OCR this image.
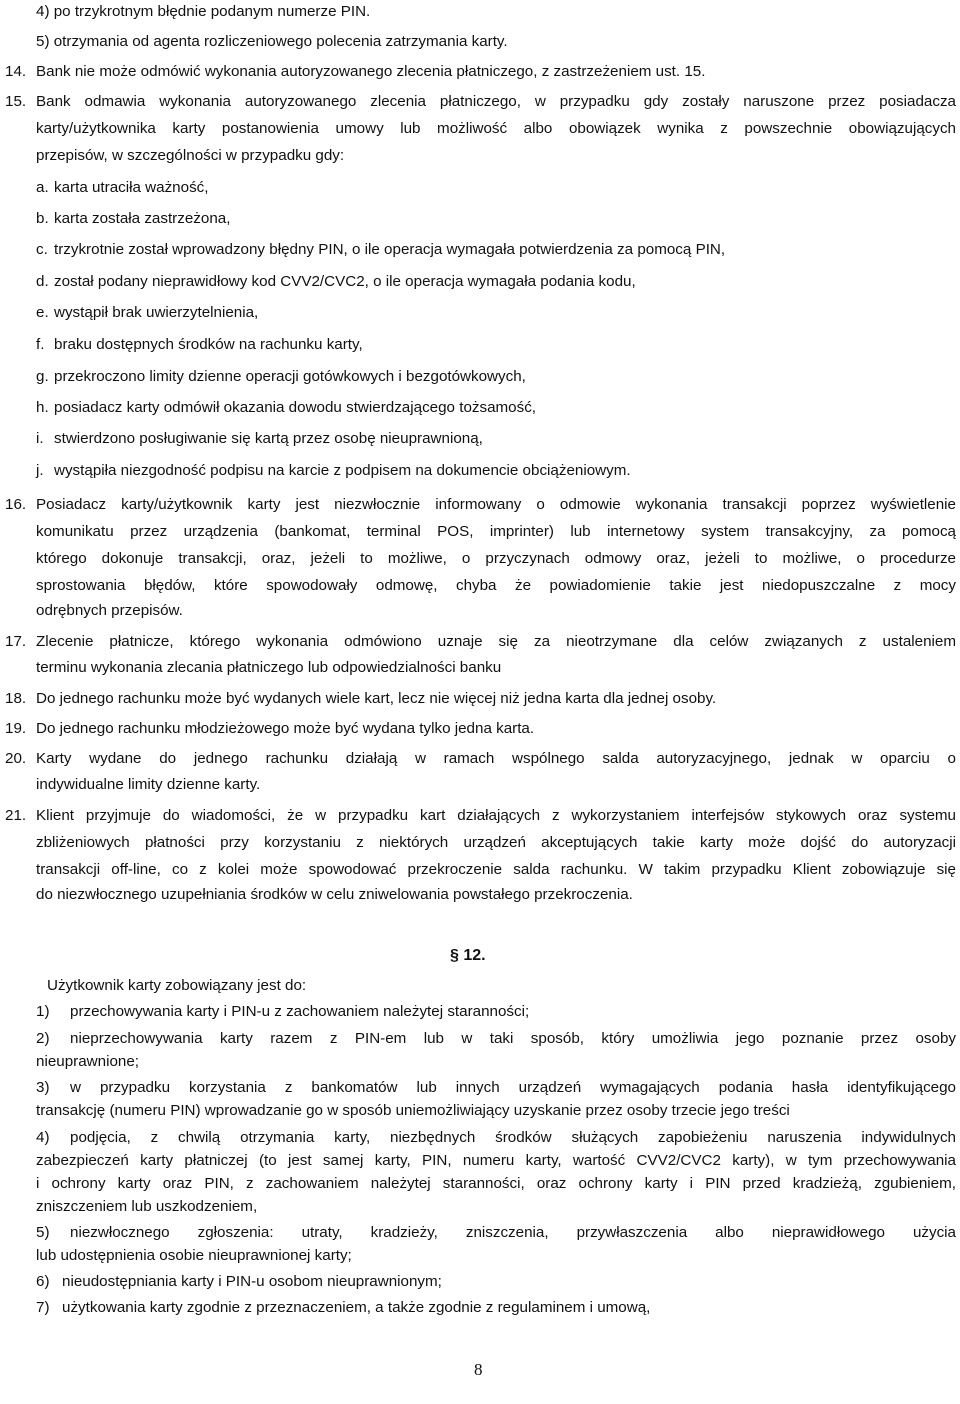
4) po trzykrotnym błędnie podanym numerze PIN.
5) otrzymania od agenta rozliczeniowego polecenia zatrzymania karty.
14. Bank nie może odmówić wykonania autoryzowanego zlecenia płatniczego, z zastrzeżeniem ust. 15.
15. Bank odmawia wykonania autoryzowanego zlecenia płatniczego, w przypadku gdy zostały naruszone przez posiadacza
karty/użytkownika karty postanowienia umowy lub możliwość albo obowiązek wynika z powszechnie obowiązujących
przepisów, w szczególności w przypadku gdy:
a. karta utraciła ważność,
b. karta została zastrzeżona,
c. trzykrotnie został wprowadzony błędny PIN, o ile operacja wymagała potwierdzenia za pomocą PIN,
d. został podany nieprawidłowy kod CVV2/CVC2, o ile operacja wymagała podania kodu,
e. wystąpił brak uwierzytelnienia,
f. braku dostępnych środków na rachunku karty,
g. przekroczono limity dzienne operacji gotówkowych i bezgotówkowych,
h. posiadacz karty odmówił okazania dowodu stwierdzającego tożsamość,
i. stwierdzono posługiwanie się kartą przez osobę nieuprawnioną,
j. wystąpiła niezgodność podpisu na karcie z podpisem na dokumencie obciążeniowym.
16. Posiadacz karty/użytkownik karty jest niezwłocznie informowany o odmowie wykonania transakcji poprzez wyświetlenie
komunikatu przez urządzenia (bankomat, terminal POS, imprinter) lub internetowy system transakcyjny, za pomocą
którego dokonuje transakcji, oraz, jeżeli to możliwe, o przyczynach odmowy oraz, jeżeli to możliwe, o procedurze
sprostowania błędów, które spowodowały odmowę, chyba że powiadomienie takie jest niedopuszczalne z mocy
odrębnych przepisów.
17. Zlecenie płatnicze, którego wykonania odmówiono uznaje się za nieotrzymane dla celów związanych z ustaleniem
terminu wykonania zlecania płatniczego lub odpowiedzialności banku
18. Do jednego rachunku może być wydanych wiele kart, lecz nie więcej niż jedna karta dla jednej osoby.
19. Do jednego rachunku młodzieżowego może być wydana tylko jedna karta.
20. Karty wydane do jednego rachunku działają w ramach wspólnego salda autoryzacyjnego, jednak w oparciu o
indywidualne limity dzienne karty.
21. Klient przyjmuje do wiadomości, że w przypadku kart działających z wykorzystaniem interfejsów stykowych oraz systemu
zbliżeniowych płatności przy korzystaniu z niektórych urządzeń akceptujących takie karty może dojść do autoryzacji
transakcji off-line, co z kolei może spowodować przekroczenie salda rachunku. W takim przypadku Klient zobowiązuje się
do niezwłocznego uzupełniania środków w celu zniwelowania powstałego przekroczenia.
§ 12.
Użytkownik karty zobowiązany jest do:
1) przechowywania karty i PIN-u z zachowaniem należytej staranności;
2) nieprzechowywania karty razem z PIN-em lub w taki sposób, który umożliwia jego poznanie przez osoby
nieuprawnione;
3) w przypadku korzystania z bankomatów lub innych urządzeń wymagających podania hasła identyfikującego
transakcję (numeru PIN) wprowadzanie go w sposób uniemożliwiający uzyskanie przez osoby trzecie jego treści
4) podjęcia, z chwilą otrzymania karty, niezbędnych środków służących zapobieżeniu naruszenia indywidulnych
zabezpieczeń karty płatniczej (to jest samej karty, PIN, numeru karty, wartość CVV2/CVC2 karty), w tym przechowywania
i ochrony karty oraz PIN, z zachowaniem należytej staranności, oraz ochrony karty i PIN przed kradzieżą, zgubieniem,
zniszczeniem lub uszkodzeniem,
5) niezwłocznego zgłoszenia: utraty, kradzieży, zniszczenia, przywłaszczenia albo nieprawidłowego użycia
lub udostępnienia osobie nieuprawnionej karty;
6) nieudostępniania karty i PIN-u osobom nieuprawnionym;
7) użytkowania karty zgodnie z przeznaczeniem, a także zgodnie z regulaminem i umową,
8
